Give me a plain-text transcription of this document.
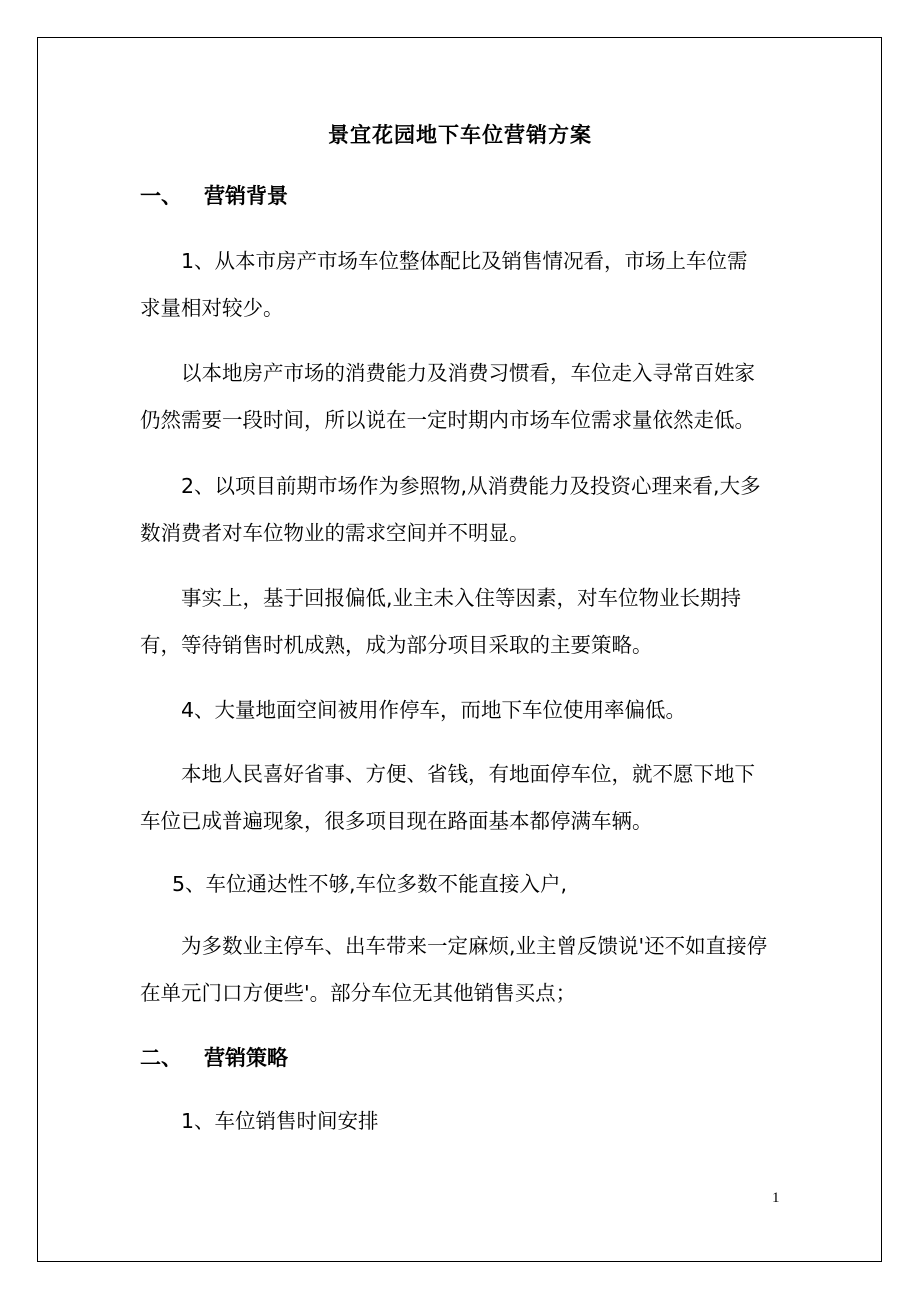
景宜花园地下车位营销方案
一、 营销背景
1、从本市房产市场车位整体配比及销售情况看，市场上车位需
求量相对较少。
以本地房产市场的消费能力及消费习惯看，车位走入寻常百姓家
仍然需要一段时间，所以说在一定时期内市场车位需求量依然走低。
2、以项目前期市场作为参照物,从消费能力及投资心理来看,大多
数消费者对车位物业的需求空间并不明显。
事实上，基于回报偏低,业主未入住等因素，对车位物业长期持
有，等待销售时机成熟，成为部分项目采取的主要策略。
4、大量地面空间被用作停车，而地下车位使用率偏低。
本地人民喜好省事、方便、省钱，有地面停车位，就不愿下地下
车位已成普遍现象，很多项目现在路面基本都停满车辆。
5、车位通达性不够,车位多数不能直接入户,
为多数业主停车、出车带来一定麻烦,业主曾反馈说'还不如直接停
在单元门口方便些'。部分车位无其他销售买点；
二、 营销策略
1、车位销售时间安排
1
